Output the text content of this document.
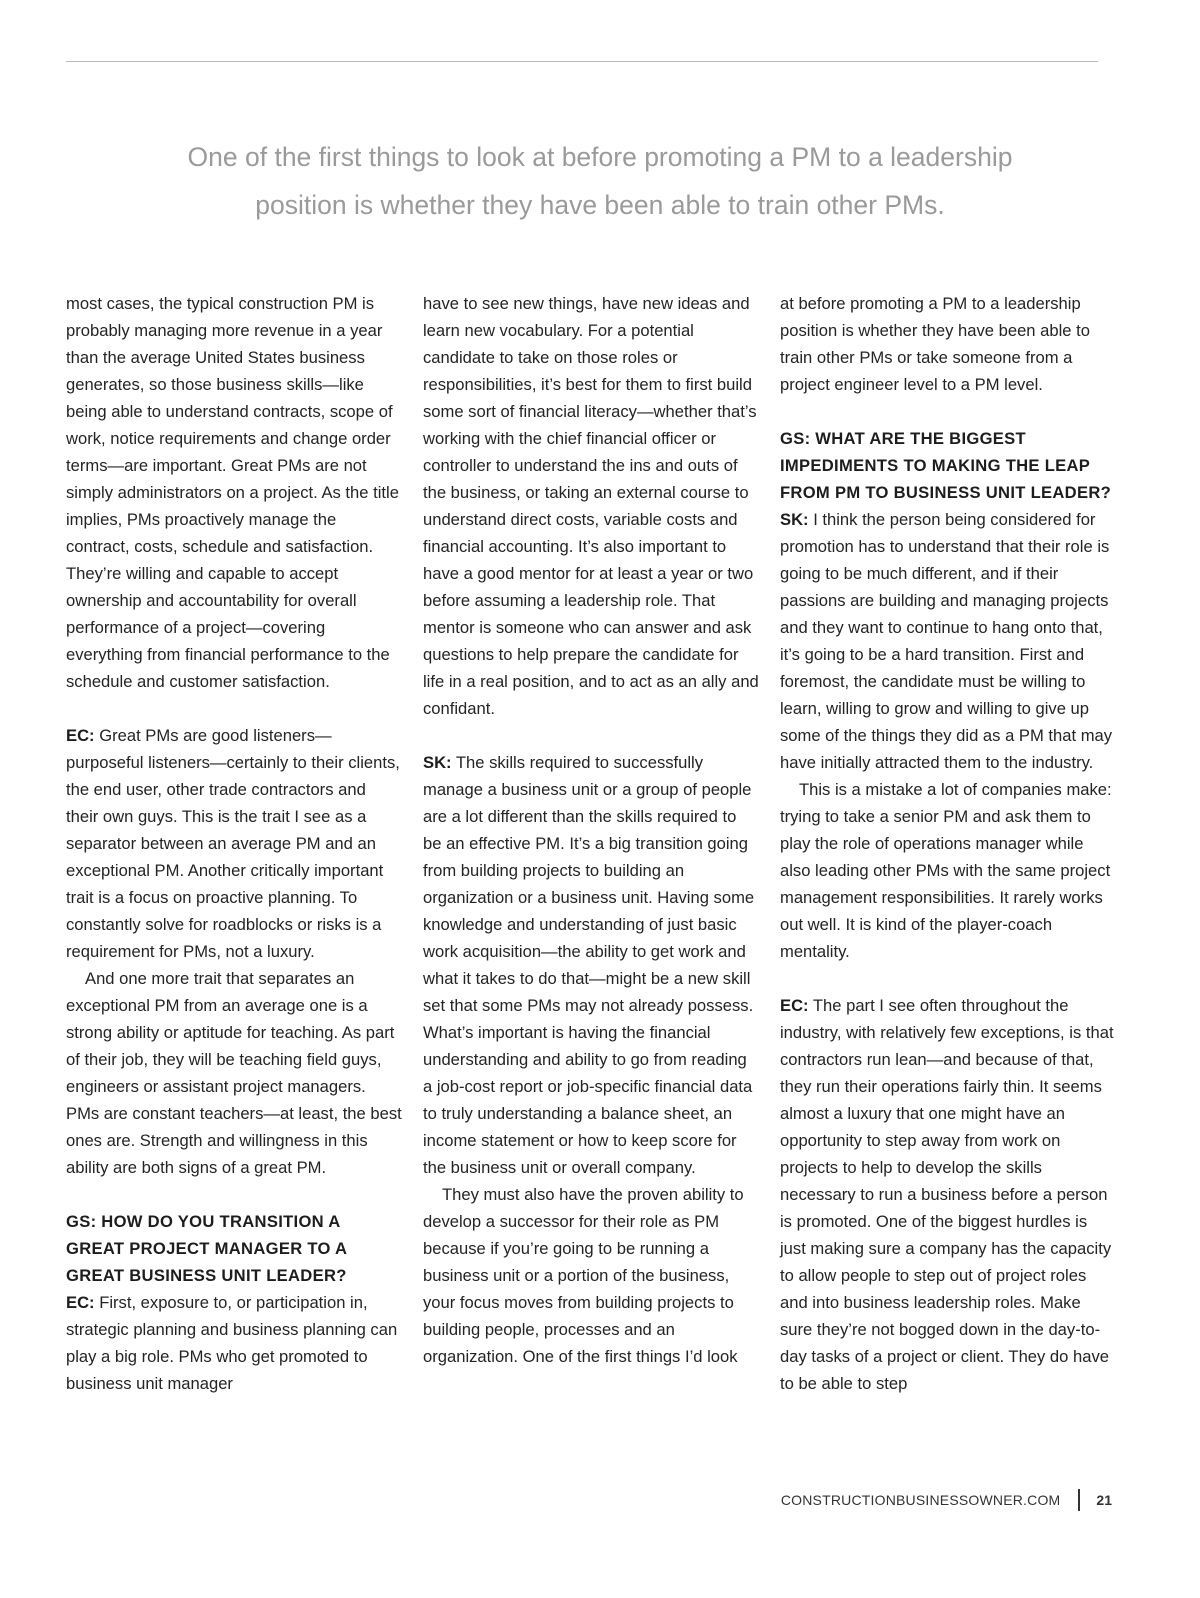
One of the first things to look at before promoting a PM to a leadership
position is whether they have been able to train other PMs.

most cases, the typical construction PM is probably managing more revenue in a year than the average United States business generates, so those business skills—like being able to understand contracts, scope of work, notice requirements and change order terms—are important. Great PMs are not simply administrators on a project. As the title implies, PMs proactively manage the contract, costs, schedule and satisfaction. They’re willing and capable to accept ownership and accountability for overall performance of a project—covering everything from financial performance to the schedule and customer satisfaction.

EC: Great PMs are good listeners—purposeful listeners—certainly to their clients, the end user, other trade contractors and their own guys. This is the trait I see as a separator between an average PM and an exceptional PM. Another critically important trait is a focus on proactive planning. To constantly solve for roadblocks or risks is a requirement for PMs, not a luxury.

And one more trait that separates an exceptional PM from an average one is a strong ability or aptitude for teaching. As part of their job, they will be teaching field guys, engineers or assistant project managers. PMs are constant teachers—at least, the best ones are. Strength and willingness in this ability are both signs of a great PM.

GS: HOW DO YOU TRANSITION A GREAT PROJECT MANAGER TO A GREAT BUSINESS UNIT LEADER?

EC: First, exposure to, or participation in, strategic planning and business planning can play a big role. PMs who get promoted to business unit manager

have to see new things, have new ideas and learn new vocabulary. For a potential candidate to take on those roles or responsibilities, it’s best for them to first build some sort of financial literacy—whether that’s working with the chief financial officer or controller to understand the ins and outs of the business, or taking an external course to understand direct costs, variable costs and financial accounting. It’s also important to have a good mentor for at least a year or two before assuming a leadership role. That mentor is someone who can answer and ask questions to help prepare the candidate for life in a real position, and to act as an ally and confidant.

SK: The skills required to successfully manage a business unit or a group of people are a lot different than the skills required to be an effective PM. It’s a big transition going from building projects to building an organization or a business unit. Having some knowledge and understanding of just basic work acquisition—the ability to get work and what it takes to do that—might be a new skill set that some PMs may not already possess. What’s important is having the financial understanding and ability to go from reading a job-cost report or job-specific financial data to truly understanding a balance sheet, an income statement or how to keep score for the business unit or overall company.

They must also have the proven ability to develop a successor for their role as PM because if you’re going to be running a business unit or a portion of the business, your focus moves from building projects to building people, processes and an organization. One of the first things I’d look

at before promoting a PM to a leadership position is whether they have been able to train other PMs or take someone from a project engineer level to a PM level.

GS: WHAT ARE THE BIGGEST IMPEDIMENTS TO MAKING THE LEAP FROM PM TO BUSINESS UNIT LEADER?

SK: I think the person being considered for promotion has to understand that their role is going to be much different, and if their passions are building and managing projects and they want to continue to hang onto that, it’s going to be a hard transition. First and foremost, the candidate must be willing to learn, willing to grow and willing to give up some of the things they did as a PM that may have initially attracted them to the industry.

This is a mistake a lot of companies make: trying to take a senior PM and ask them to play the role of operations manager while also leading other PMs with the same project management responsibilities. It rarely works out well. It is kind of the player-coach mentality.

EC: The part I see often throughout the industry, with relatively few exceptions, is that contractors run lean—and because of that, they run their operations fairly thin. It seems almost a luxury that one might have an opportunity to step away from work on projects to help to develop the skills necessary to run a business before a person is promoted. One of the biggest hurdles is just making sure a company has the capacity to allow people to step out of project roles and into business leadership roles. Make sure they’re not bogged down in the day-to-day tasks of a project or client. They do have to be able to step

CONSTRUCTIONBUSINESSOWNER.COM	21
